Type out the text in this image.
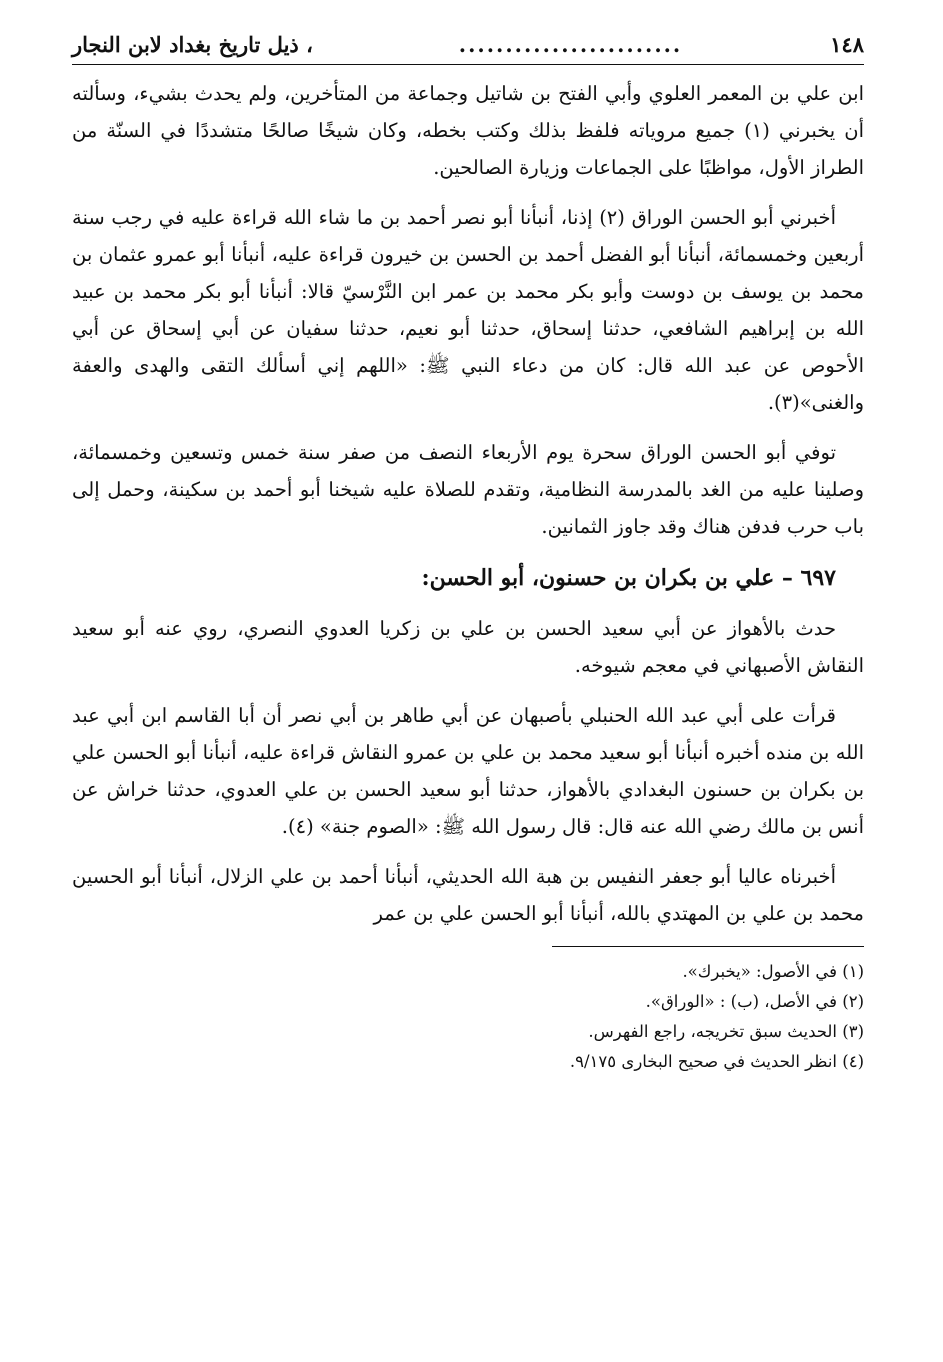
١٤٨
........................
، ذيل تاريخ بغداد لابن النجار

ابن علي بن المعمر العلوي وأبي الفتح بن شاتيل وجماعة من المتأخرين، ولم يحدث بشيء، وسألته أن يخبرني (١) جميع مروياته فلفظ بذلك وكتب بخطه، وكان شيخًا صالحًا متشددًا في السنّة من الطراز الأول، مواظبًا على الجماعات وزيارة الصالحين.

أخبرني أبو الحسن الوراق (٢) إذنا، أنبأنا أبو نصر أحمد بن ما شاء الله قراءة عليه في رجب سنة أربعين وخمسمائة، أنبأنا أبو الفضل أحمد بن الحسن بن خيرون قراءة عليه، أنبأنا أبو عمرو عثمان بن محمد بن يوسف بن دوست وأبو بكر محمد بن عمر ابن النَّرْسيّ قالا: أنبأنا أبو بكر محمد بن عبيد الله بن إبراهيم الشافعي، حدثنا إسحاق، حدثنا أبو نعيم، حدثنا سفيان عن أبي إسحاق عن أبي الأحوص عن عبد الله قال: كان من دعاء النبي ﷺ: «اللهم إني أسألك التقى والهدى والعفة والغنى»(٣).

توفي أبو الحسن الوراق سحرة يوم الأربعاء النصف من صفر سنة خمس وتسعين وخمسمائة، وصلينا عليه من الغد بالمدرسة النظامية، وتقدم للصلاة عليه شيخنا أبو أحمد بن سكينة، وحمل إلى باب حرب فدفن هناك وقد جاوز الثمانين.

٦٩٧ – علي بن بكران بن حسنون، أبو الحسن:

حدث بالأهواز عن أبي سعيد الحسن بن علي بن زكريا العدوي النصري، روي عنه أبو سعيد النقاش الأصبهاني في معجم شيوخه.

قرأت على أبي عبد الله الحنبلي بأصبهان عن أبي طاهر بن أبي نصر أن أبا القاسم ابن أبي عبد الله بن منده أخبره أنبأنا أبو سعيد محمد بن علي بن عمرو النقاش قراءة عليه، أنبأنا أبو الحسن علي بن بكران بن حسنون البغدادي بالأهواز، حدثنا أبو سعيد الحسن بن علي العدوي، حدثنا خراش عن أنس بن مالك رضي الله عنه قال: قال رسول الله ﷺ: «الصوم جنة» (٤).

أخبرناه عاليا أبو جعفر النفيس بن هبة الله الحديثي، أنبأنا أحمد بن علي الزلال، أنبأنا أبو الحسين محمد بن علي بن المهتدي بالله، أنبأنا أبو الحسن علي بن عمر

(١) في الأصول: «يخبرك».

(٢) في الأصل، (ب) : «الوراق».

(٣) الحديث سبق تخريجه، راجع الفهرس.

(٤) انظر الحديث في صحيح البخارى ٩/١٧٥.
